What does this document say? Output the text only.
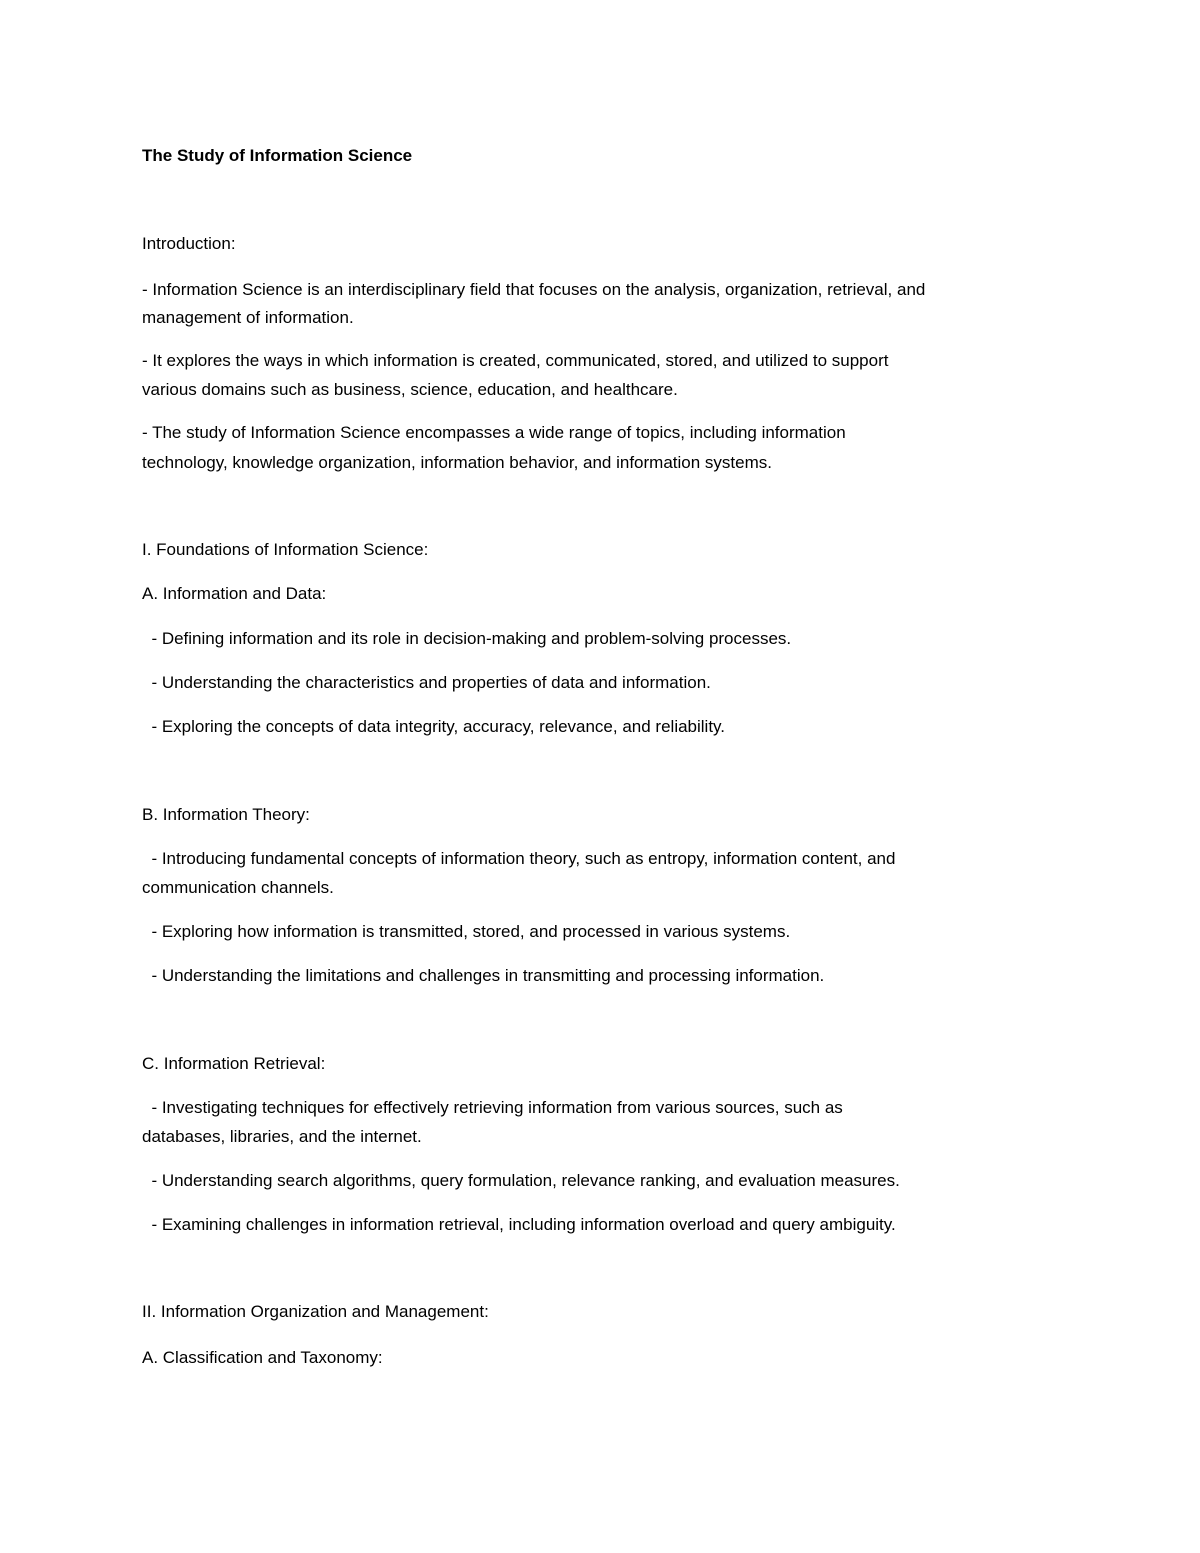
The Study of Information Science
Introduction:
- Information Science is an interdisciplinary field that focuses on the analysis, organization, retrieval, and
management of information.
- It explores the ways in which information is created, communicated, stored, and utilized to support
various domains such as business, science, education, and healthcare.
- The study of Information Science encompasses a wide range of topics, including information
technology, knowledge organization, information behavior, and information systems.
I. Foundations of Information Science:
A. Information and Data:
- Defining information and its role in decision-making and problem-solving processes.
- Understanding the characteristics and properties of data and information.
- Exploring the concepts of data integrity, accuracy, relevance, and reliability.
B. Information Theory:
- Introducing fundamental concepts of information theory, such as entropy, information content, and
communication channels.
- Exploring how information is transmitted, stored, and processed in various systems.
- Understanding the limitations and challenges in transmitting and processing information.
C. Information Retrieval:
- Investigating techniques for effectively retrieving information from various sources, such as
databases, libraries, and the internet.
- Understanding search algorithms, query formulation, relevance ranking, and evaluation measures.
- Examining challenges in information retrieval, including information overload and query ambiguity.
II. Information Organization and Management:
A. Classification and Taxonomy:
